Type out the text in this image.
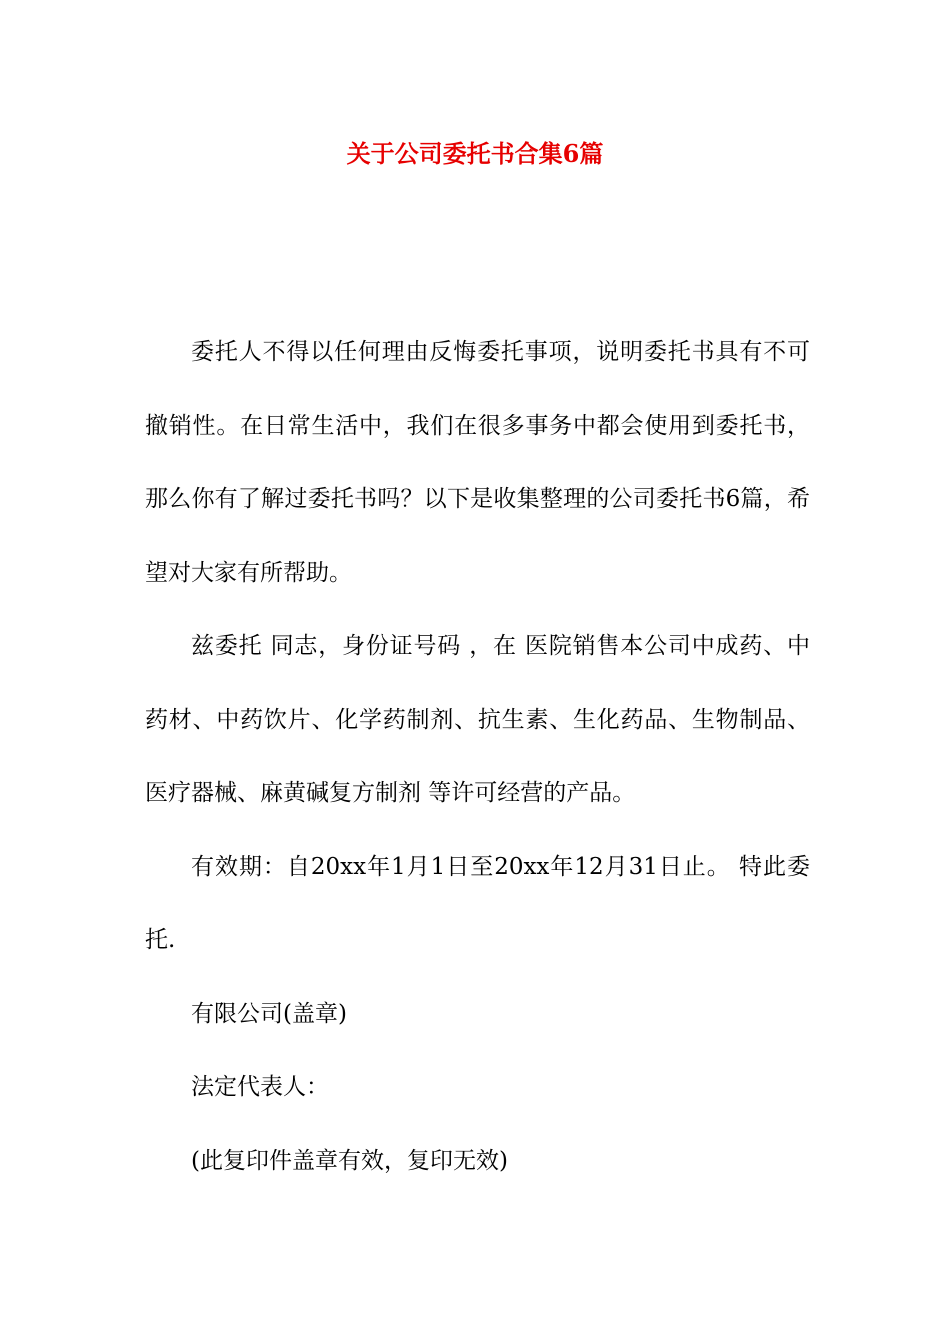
关于公司委托书合集6篇

委托人不得以任何理由反悔委托事项，说明委托书具有不可撤销性。在日常生活中，我们在很多事务中都会使用到委托书，那么你有了解过委托书吗？以下是收集整理的公司委托书6篇，希望对大家有所帮助。

兹委托 同志，身份证号码 ，在 医院销售本公司中成药、中药材、中药饮片、化学药制剂、抗生素、生化药品、生物制品、医疗器械、麻黄碱复方制剂 等许可经营的产品。

有效期：自20xx年1月1日至20xx年12月31日止。 特此委托.

有限公司(盖章)

法定代表人：

(此复印件盖章有效，复印无效)
